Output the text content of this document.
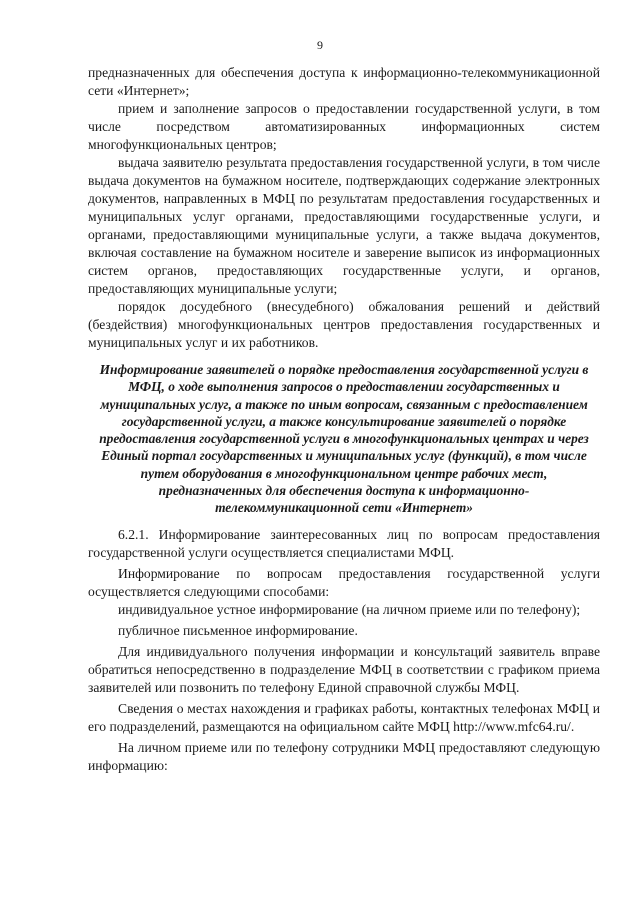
9

предназначенных для обеспечения доступа к информационно-телекоммуникационной сети «Интернет»;

прием и заполнение запросов о предоставлении государственной услуги, в том числе посредством автоматизированных информационных систем многофункциональных центров;

выдача заявителю результата предоставления государственной услуги, в том числе выдача документов на бумажном носителе, подтверждающих содержание электронных документов, направленных в МФЦ по результатам предоставления государственных и муниципальных услуг органами, предоставляющими государственные услуги, и органами, предоставляющими муниципальные услуги, а также выдача документов, включая составление на бумажном носителе и заверение выписок из информационных систем органов, предоставляющих государственные услуги, и органов, предоставляющих муниципальные услуги;

порядок досудебного (внесудебного) обжалования решений и действий (бездействия) многофункциональных центров предоставления государственных и муниципальных услуг и их работников.

Информирование заявителей о порядке предоставления государственной услуги в МФЦ, о ходе выполнения запросов о предоставлении государственных и муниципальных услуг, а также по иным вопросам, связанным с предоставлением государственной услуги, а также консультирование заявителей о порядке предоставления государственной услуги в многофункциональных центрах и через Единый портал государственных и муниципальных услуг (функций), в том числе путем оборудования в многофункциональном центре рабочих мест, предназначенных для обеспечения доступа к информационно-телекоммуникационной сети «Интернет»

6.2.1. Информирование заинтересованных лиц по вопросам предоставления государственной услуги осуществляется специалистами МФЦ.

Информирование по вопросам предоставления государственной услуги осуществляется следующими способами:

индивидуальное устное информирование (на личном приеме или по телефону);

публичное письменное информирование.

Для индивидуального получения информации и консультаций заявитель вправе обратиться непосредственно в подразделение МФЦ в соответствии с графиком приема заявителей или позвонить по телефону Единой справочной службы МФЦ.

Сведения о местах нахождения и графиках работы, контактных телефонах МФЦ и его подразделений, размещаются на официальном сайте МФЦ http://www.mfc64.ru/.

На личном приеме или по телефону сотрудники МФЦ предоставляют следующую информацию:
